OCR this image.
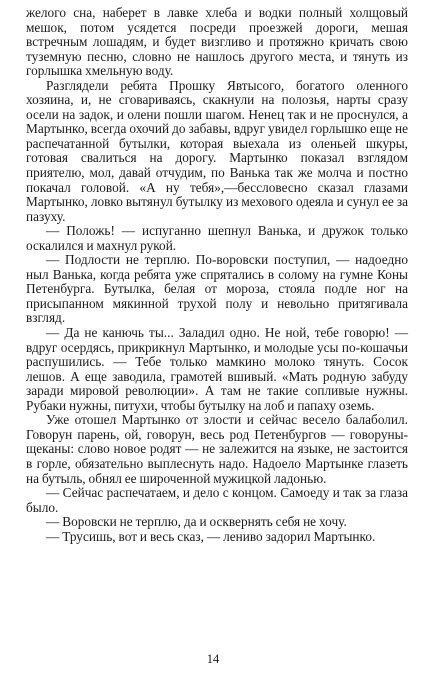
желого сна, наберет в лавке хлеба и водки полный холщовый мешок, потом усядется посреди проезжей дороги, мешая встречным лошадям, и будет визгливо и протяжно кричать свою туземную песню, словно не нашлось другого места, и тянуть из горлышка хмельную воду.

Разглядели ребята Прошку Явтысого, богатого оленного хозяина, и, не сговариваясь, скакнули на полозья, нарты сразу осели на задок, и олени пошли шагом. Ненец так и не проснулся, а Мартынко, всегда охочий до забавы, вдруг увидел горлышко еще не распечатанной бутылки, которая выехала из оленьей шкуры, готовая свалиться на дорогу. Мартынко показал взглядом приятелю, мол, давай отчудим, по Ванька так же молча и постно покачал головой. «А ну тебя»,—бессловесно сказал глазами Мартынко, ловко вытянул бутылку из мехового одеяла и сунул ее за пазуху.

— Положь! — испуганно шепнул Ванька, и дружок только оскалился и махнул рукой.

— Подлости не терплю. По-воровски поступил, — надоедно ныл Ванька, когда ребята уже спрятались в солому на гумне Коны Петенбурга. Бутылка, белая от мороза, стояла подле ног на присыпанном мякинной трухой полу и невольно притягивала взгляд.

— Да не канючь ты... Заладил одно. Не ной, тебе говорю! — вдруг осердясь, прикрикнул Мартынко, и молодые усы по-кошачьи распушились. — Тебе только мамкино молоко тянуть. Сосок лешов. А еще заводила, грамотей вшивый. «Мать родную забуду заради мировой революции». А там не такие сопливые нужны. Рубаки нужны, питухи, чтобы бутылку на лоб и папаху оземь.

Уже отошел Мартынко от злости и сейчас весело балаболил. Говорун парень, ой, говорун, весь род Петенбургов — говоруны-щеканы: слово новое родят — не залежится на языке, не застоится в горле, обязательно выплеснуть надо. Надоело Мартынке глазеть на бутыль, обнял ее широченной мужицкой ладонью.

— Сейчас распечатаем, и дело с концом. Самоеду и так за глаза было.

— Воровски не терплю, да и осквернять себя не хочу.

— Трусишь, вот и весь сказ, — лениво задорил Мартынко.

14
